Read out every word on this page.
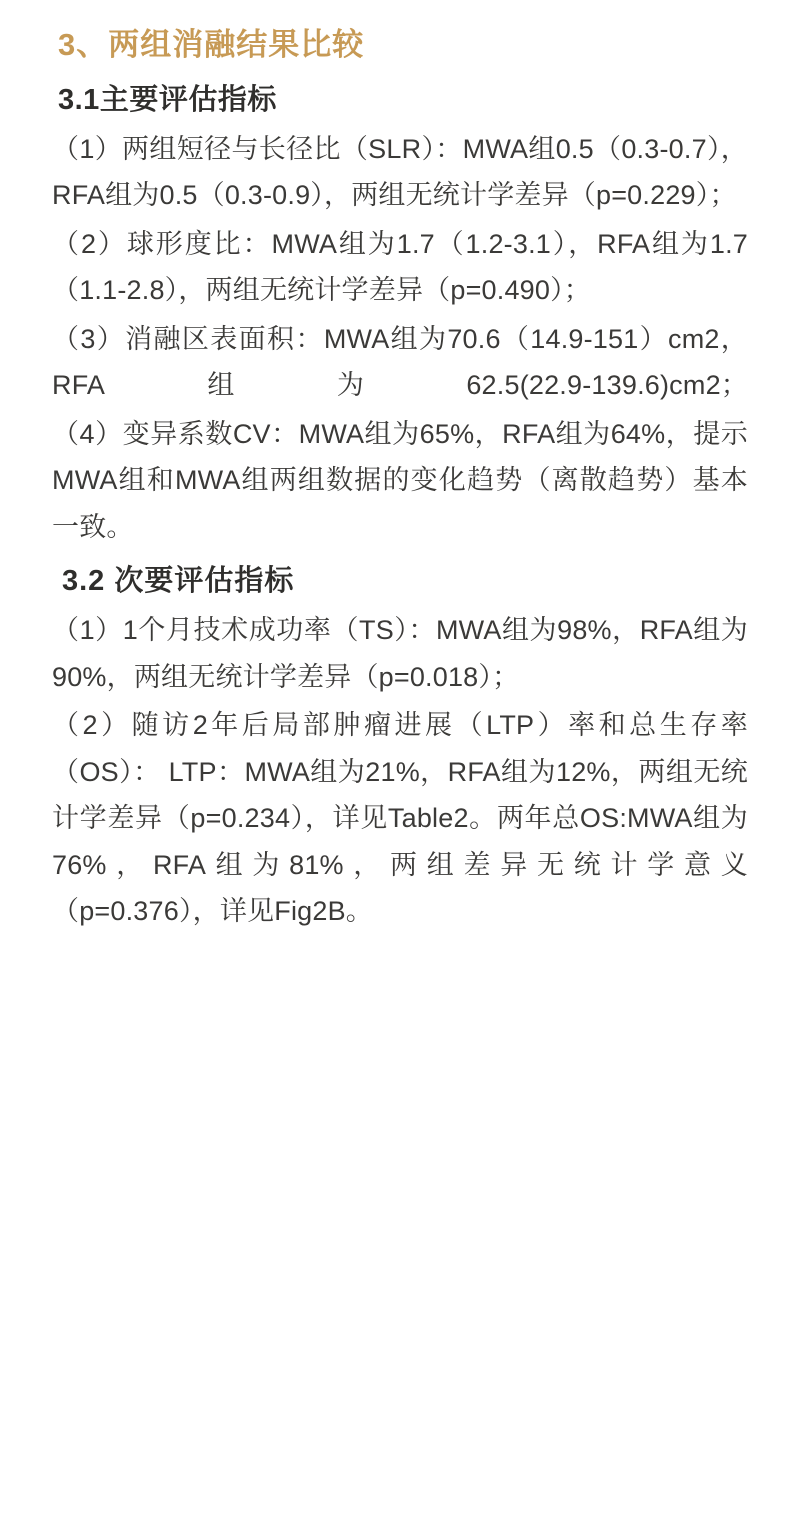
3、两组消融结果比较
3.1主要评估指标

（1）两组短径与长径比（SLR）：MWA组0.5（0.3-0.7），RFA组为0.5（0.3-0.9），两组无统计学差异（p=0.229）；

（2）球形度比：MWA组为1.7（1.2-3.1），RFA组为1.7（1.1-2.8），两组无统计学差异（p=0.490）；

（3）消融区表面积：MWA组为70.6（14.9-151）cm2，RFA组为62.5(22.9-139.6)cm2；

（4）变异系数CV：MWA组为65%，RFA组为64%，提示MWA组和MWA组两组数据的变化趋势（离散趋势）基本一致。

3.2 次要评估指标

（1）1个月技术成功率（TS）：MWA组为98%，RFA组为90%，两组无统计学差异（p=0.018）；

（2）随访2年后局部肿瘤进展（LTP）率和总生存率（OS）： LTP：MWA组为21%，RFA组为12%，两组无统计学差异（p=0.234），详见Table2。两年总OS:MWA组为76%，RFA组为81%，两组差异无统计学意义（p=0.376），详见Fig2B。
